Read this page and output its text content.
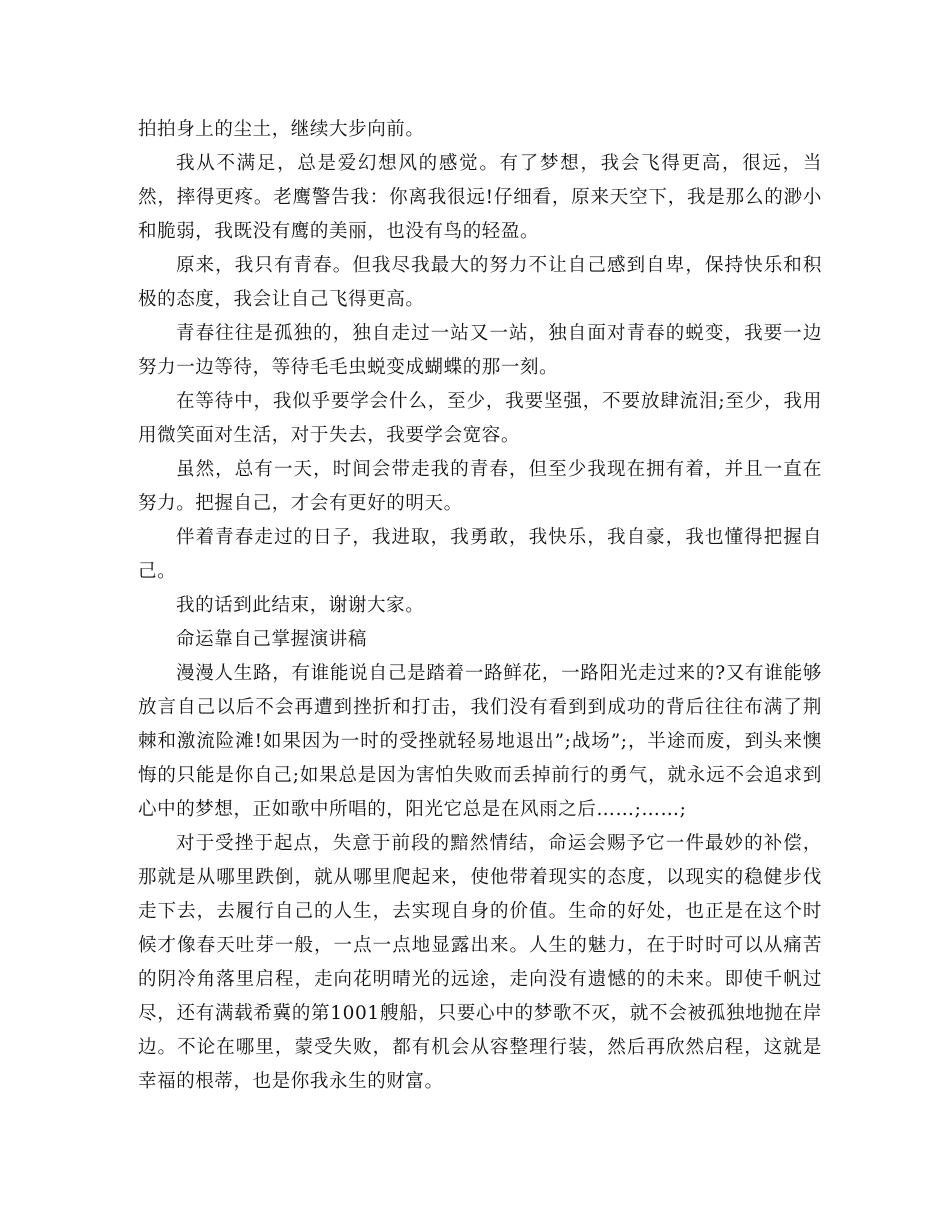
拍拍身上的尘土，继续大步向前。

我从不满足，总是爱幻想风的感觉。有了梦想，我会飞得更高，很远，当然，摔得更疼。老鹰警告我：你离我很远!仔细看，原来天空下，我是那么的渺小和脆弱，我既没有鹰的美丽，也没有鸟的轻盈。

原来，我只有青春。但我尽我最大的努力不让自己感到自卑，保持快乐和积极的态度，我会让自己飞得更高。

青春往往是孤独的，独自走过一站又一站，独自面对青春的蜕变，我要一边努力一边等待，等待毛毛虫蜕变成蝴蝶的那一刻。

在等待中，我似乎要学会什么，至少，我要坚强，不要放肆流泪;至少，我用用微笑面对生活，对于失去，我要学会宽容。

虽然，总有一天，时间会带走我的青春，但至少我现在拥有着，并且一直在努力。把握自己，才会有更好的明天。

伴着青春走过的日子，我进取，我勇敢，我快乐，我自豪，我也懂得把握自己。

我的话到此结束，谢谢大家。

命运靠自己掌握演讲稿

漫漫人生路，有谁能说自己是踏着一路鲜花，一路阳光走过来的?又有谁能够放言自己以后不会再遭到挫折和打击，我们没有看到到成功的背后往往布满了荆棘和激流险滩!如果因为一时的受挫就轻易地退出”;战场”;，半途而废，到头来懊悔的只能是你自己;如果总是因为害怕失败而丢掉前行的勇气，就永远不会追求到心中的梦想，正如歌中所唱的，阳光它总是在风雨之后……;……;

对于受挫于起点，失意于前段的黯然情结，命运会赐予它一件最妙的补偿，那就是从哪里跌倒，就从哪里爬起来，使他带着现实的态度，以现实的稳健步伐走下去，去履行自己的人生，去实现自身的价值。生命的好处，也正是在这个时候才像春天吐芽一般，一点一点地显露出来。人生的魅力，在于时时可以从痛苦的阴冷角落里启程，走向花明晴光的远途，走向没有遗憾的的未来。即使千帆过尽，还有满载希冀的第1001艘船，只要心中的梦歌不灭，就不会被孤独地抛在岸边。不论在哪里，蒙受失败，都有机会从容整理行装，然后再欣然启程，这就是幸福的根蒂，也是你我永生的财富。
